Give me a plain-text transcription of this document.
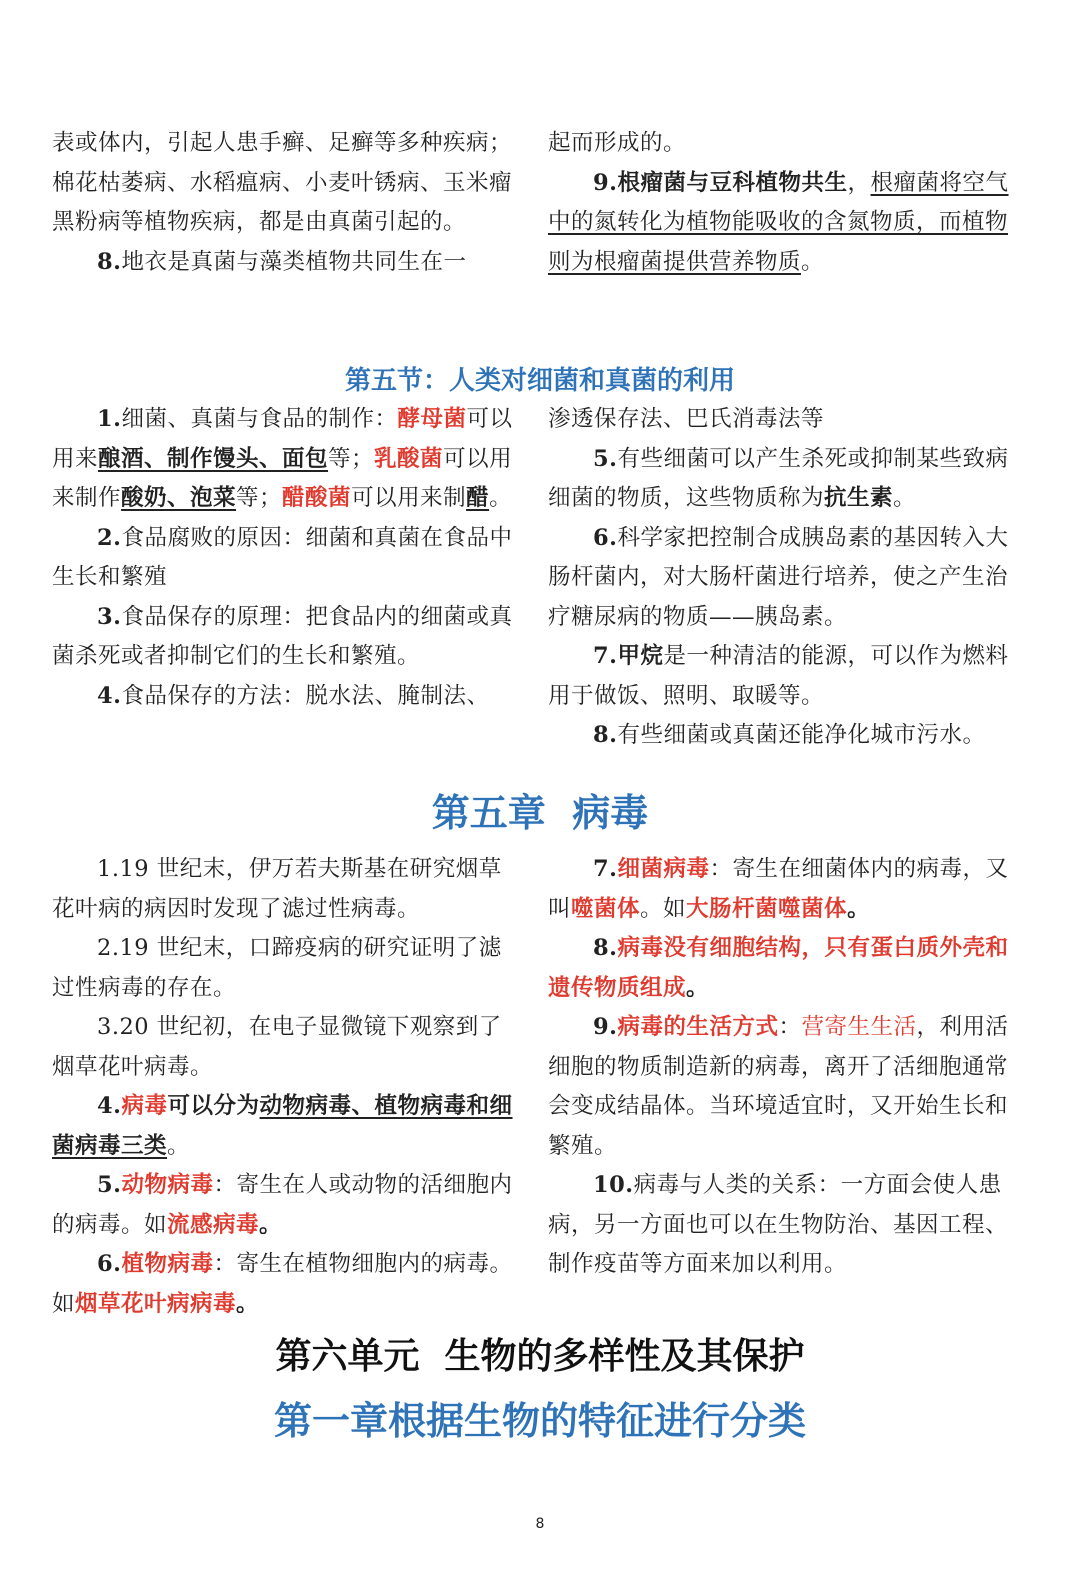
表或体内，引起人患手癣、足癣等多种疾病；棉花枯萎病、水稻瘟病、小麦叶锈病、玉米瘤黑粉病等植物疾病，都是由真菌引起的。

8.地衣是真菌与藻类植物共同生在一

起而形成的。

9.根瘤菌与豆科植物共生，根瘤菌将空气中的氮转化为植物能吸收的含氮物质，而植物则为根瘤菌提供营养物质。

第五节：人类对细菌和真菌的利用

1.细菌、真菌与食品的制作：酵母菌可以用来酿酒、制作馒头、面包等；乳酸菌可以用来制作酸奶、泡菜等；醋酸菌可以用来制醋。

2.食品腐败的原因：细菌和真菌在食品中生长和繁殖

3.食品保存的原理：把食品内的细菌或真菌杀死或者抑制它们的生长和繁殖。

4.食品保存的方法：脱水法、腌制法、

渗透保存法、巴氏消毒法等

5.有些细菌可以产生杀死或抑制某些致病细菌的物质，这些物质称为抗生素。

6.科学家把控制合成胰岛素的基因转入大肠杆菌内，对大肠杆菌进行培养，使之产生治疗糖尿病的物质——胰岛素。

7.甲烷是一种清洁的能源，可以作为燃料用于做饭、照明、取暖等。

8.有些细菌或真菌还能净化城市污水。

第五章  病毒

1.19 世纪末，伊万若夫斯基在研究烟草花叶病的病因时发现了滤过性病毒。

2.19 世纪末，口蹄疫病的研究证明了滤过性病毒的存在。

3.20 世纪初，在电子显微镜下观察到了烟草花叶病毒。

4.病毒可以分为动物病毒、植物病毒和细菌病毒三类。

5.动物病毒：寄生在人或动物的活细胞内的病毒。如流感病毒。

6.植物病毒：寄生在植物细胞内的病毒。如烟草花叶病病毒。

7.细菌病毒：寄生在细菌体内的病毒，又叫噬菌体。如大肠杆菌噬菌体。

8.病毒没有细胞结构，只有蛋白质外壳和遗传物质组成。

9.病毒的生活方式：营寄生生活，利用活细胞的物质制造新的病毒，离开了活细胞通常会变成结晶体。当环境适宜时，又开始生长和繁殖。

10.病毒与人类的关系：一方面会使人患病，另一方面也可以在生物防治、基因工程、制作疫苗等方面来加以利用。

第六单元  生物的多样性及其保护
第一章根据生物的特征进行分类
8
